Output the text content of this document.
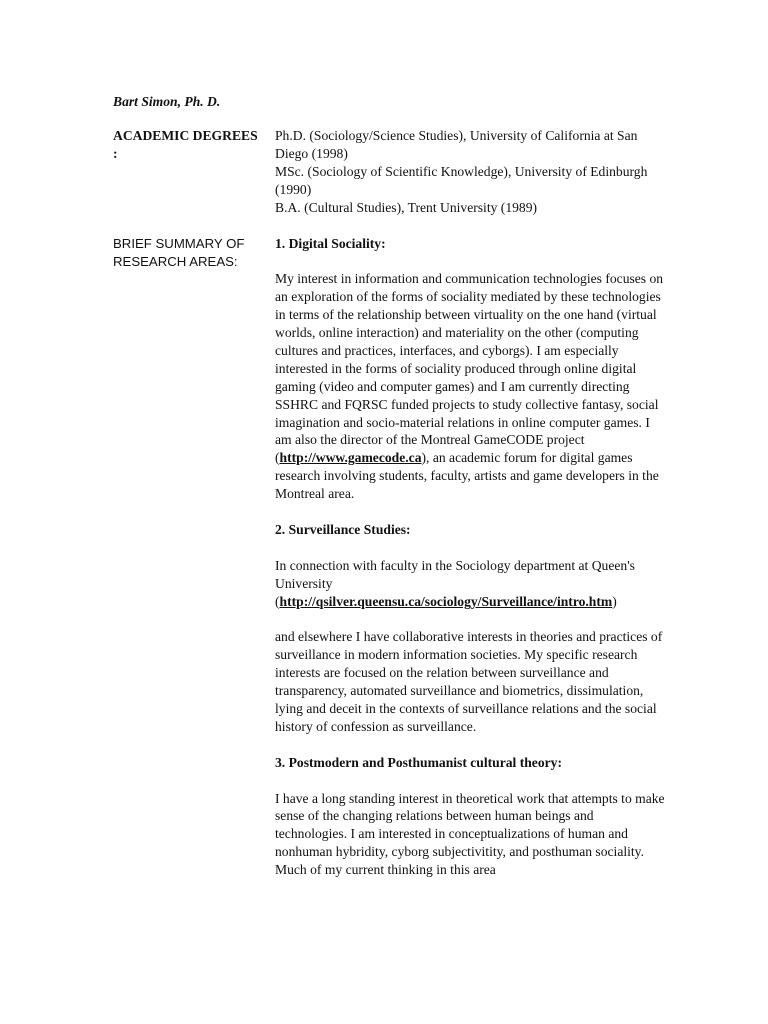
Bart Simon, Ph. D.
ACADEMIC DEGREES :
BRIEF SUMMARY OF RESEARCH AREAS:

Ph.D. (Sociology/Science Studies), University of California at San Diego (1998)

MSc. (Sociology of Scientific Knowledge), University of Edinburgh (1990)

B.A. (Cultural Studies), Trent University (1989)

1. Digital Sociality:

My interest in information and communication technologies focuses on an exploration of the forms of sociality mediated by these technologies in terms of the relationship between virtuality on the one hand (virtual worlds, online interaction) and materiality on the other (computing cultures and practices, interfaces, and cyborgs). I am especially interested in the forms of sociality produced through online digital gaming (video and computer games) and I am currently directing SSHRC and FQRSC funded projects to study collective fantasy, social imagination and socio-material relations in online computer games. I am also the director of the Montreal GameCODE project (http://www.gamecode.ca), an academic forum for digital games research involving students, faculty, artists and game developers in the Montreal area.

2. Surveillance Studies:

In connection with faculty in the Sociology department at Queen's University

(http://qsilver.queensu.ca/sociology/Surveillance/intro.htm)

and elsewhere I have collaborative interests in theories and practices of surveillance in modern information societies. My specific research interests are focused on the relation between surveillance and transparency, automated surveillance and biometrics, dissimulation, lying and deceit in the contexts of surveillance relations and the social history of confession as surveillance.

3. Postmodern and Posthumanist cultural theory:

I have a long standing interest in theoretical work that attempts to make sense of the changing relations between human beings and technologies. I am interested in conceptualizations of human and nonhuman hybridity, cyborg subjectivitity, and posthuman sociality. Much of my current thinking in this area
